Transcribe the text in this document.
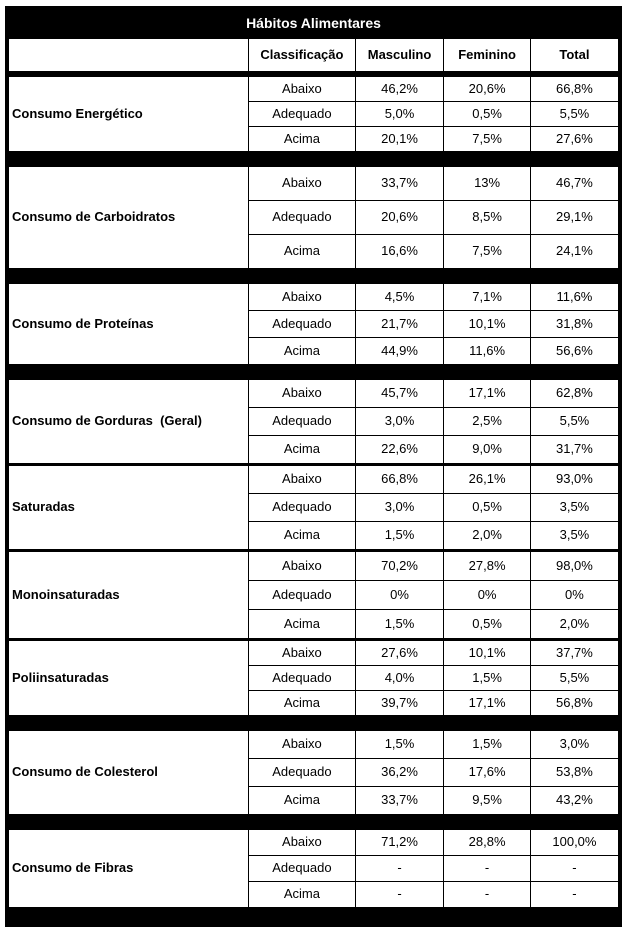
Hábitos Alimentares				
	Classificação	Masculino	Feminino	Total
Consumo Energético	Abaixo	46,2%	20,6%	66,8%
	Adequado	5,0%	0,5%	5,5%
	Acima	20,1%	7,5%	27,6%

Consumo de Carboidratos	Abaixo	33,7%	13%	46,7%
	Adequado	20,6%	8,5%	29,1%
	Acima	16,6%	7,5%	24,1%

Consumo de Proteínas	Abaixo	4,5%	7,1%	11,6%
	Adequado	21,7%	10,1%	31,8%
	Acima	44,9%	11,6%	56,6%

Consumo de Gorduras  (Geral)	Abaixo	45,7%	17,1%	62,8%
	Adequado	3,0%	2,5%	5,5%
	Acima	22,6%	9,0%	31,7%
Saturadas	Abaixo	66,8%	26,1%	93,0%
	Adequado	3,0%	0,5%	3,5%
	Acima	1,5%	2,0%	3,5%
Monoinsaturadas	Abaixo	70,2%	27,8%	98,0%
	Adequado	0%	0%	0%
	Acima	1,5%	0,5%	2,0%
Poliinsaturadas	Abaixo	27,6%	10,1%	37,7%
	Adequado	4,0%	1,5%	5,5%
	Acima	39,7%	17,1%	56,8%

Consumo de Colesterol	Abaixo	1,5%	1,5%	3,0%
	Adequado	36,2%	17,6%	53,8%
	Acima	33,7%	9,5%	43,2%

Consumo de Fibras	Abaixo	71,2%	28,8%	100,0%
	Adequado	-	-	-
	Acima	-	-	-
